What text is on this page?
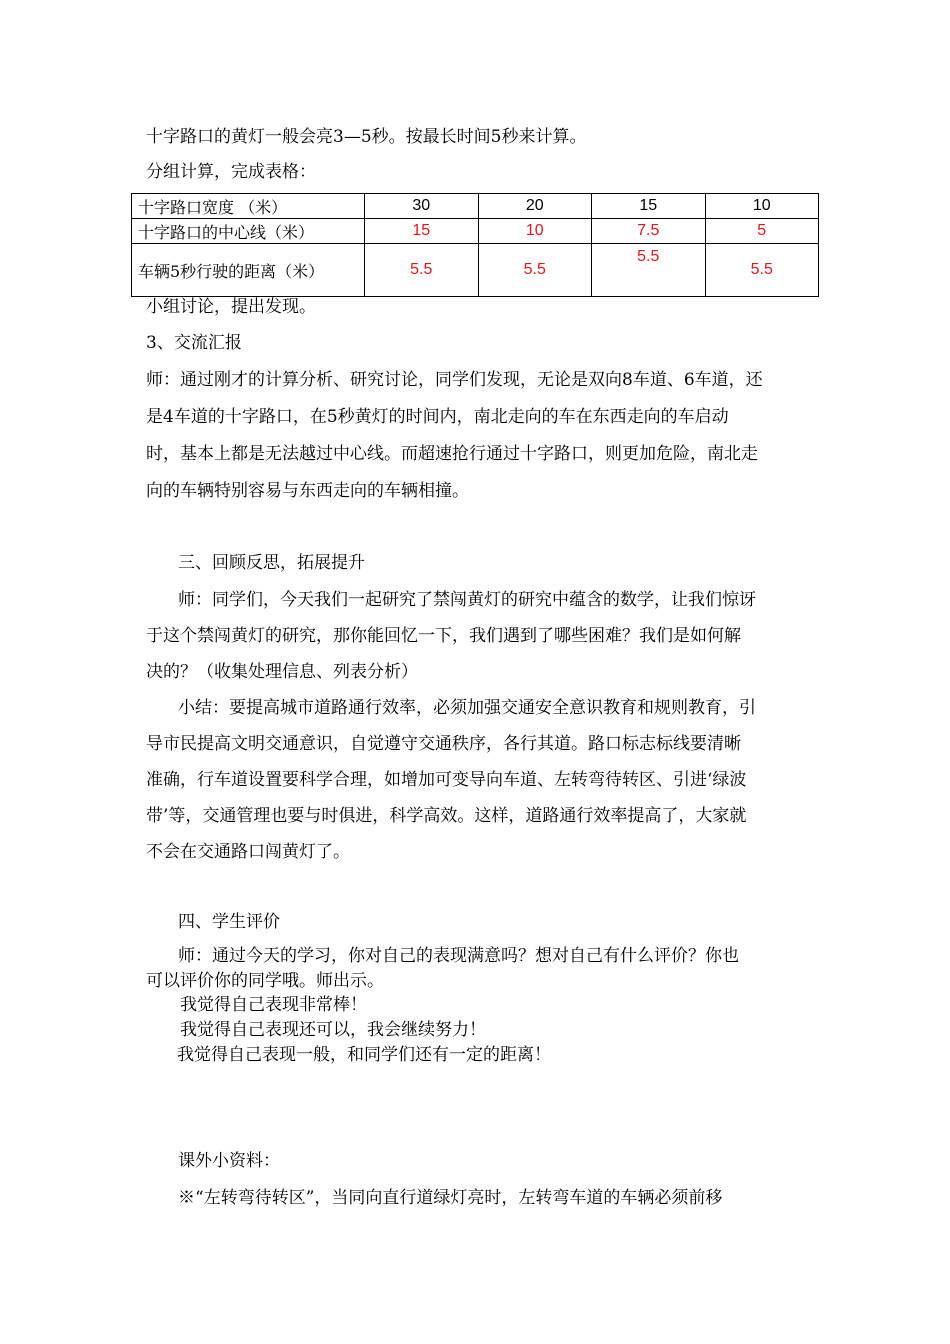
十字路口的黄灯一般会亮3—5秒。按最长时间5秒来计算。
分组计算，完成表格：
十字路口宽度 （米）	30	20	15	10
十字路口的中心线（米）	15	10	7.5	5
车辆5秒行驶的距离（米）	5.5	5.5	5.5	5.5
小组讨论，提出发现。
3、交流汇报
师：通过刚才的计算分析、研究讨论，同学们发现，无论是双向8车道、6车道，还
是4车道的十字路口，在5秒黄灯的时间内，南北走向的车在东西走向的车启动
时，基本上都是无法越过中心线。而超速抢行通过十字路口，则更加危险，南北走
向的车辆特别容易与东西走向的车辆相撞。
三、回顾反思，拓展提升
师：同学们，今天我们一起研究了禁闯黄灯的研究中蕴含的数学，让我们惊讶
于这个禁闯黄灯的研究，那你能回忆一下，我们遇到了哪些困难？我们是如何解
决的？（收集处理信息、列表分析）
小结：要提高城市道路通行效率，必须加强交通安全意识教育和规则教育，引
导市民提高文明交通意识，自觉遵守交通秩序，各行其道。路口标志标线要清晰
准确，行车道设置要科学合理，如增加可变导向车道、左转弯待转区、引进‘绿波
带’等，交通管理也要与时俱进，科学高效。这样，道路通行效率提高了，大家就
不会在交通路口闯黄灯了。
四、学生评价
师：通过今天的学习，你对自己的表现满意吗？想对自己有什么评价？你也
可以评价你的同学哦。师出示。
我觉得自己表现非常棒！
我觉得自己表现还可以，我会继续努力！
我觉得自己表现一般，和同学们还有一定的距离！
课外小资料：
※“左转弯待转区”，当同向直行道绿灯亮时，左转弯车道的车辆必须前移
